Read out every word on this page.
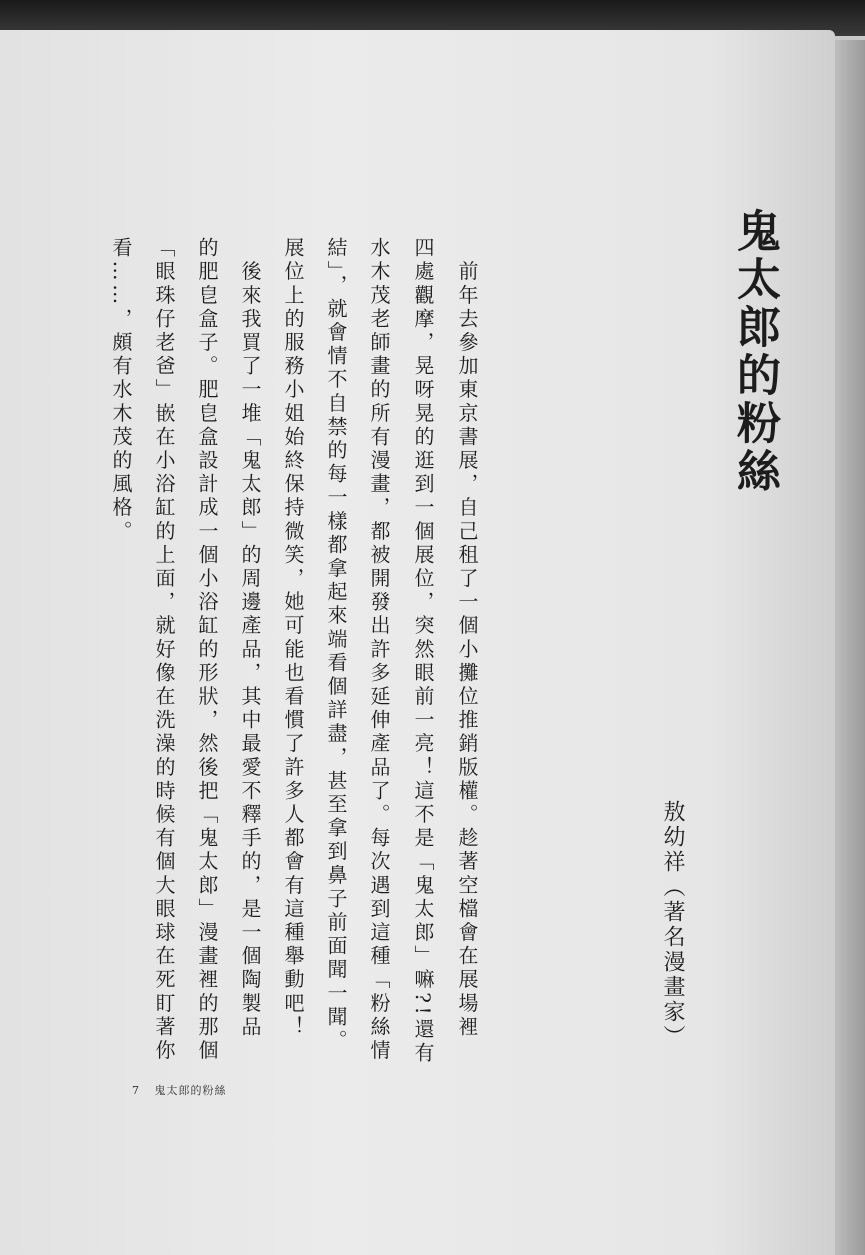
鬼太郎的粉絲
敖幼祥（著名漫畫家）
　前年去參加東京書展，自己租了一個小攤位推銷版權。趁著空檔會在展場裡
四處觀摩，晃呀晃的逛到一個展位，突然眼前一亮！這不是「鬼太郎」嘛?!還有
水木茂老師畫的所有漫畫，都被開發出許多延伸產品了。每次遇到這種「粉絲情
結」，就會情不自禁的每一樣都拿起來端看個詳盡，甚至拿到鼻子前面聞一聞。
展位上的服務小姐始終保持微笑，她可能也看慣了許多人都會有這種舉動吧！
　後來我買了一堆「鬼太郎」的周邊產品，其中最愛不釋手的，是一個陶製品
的肥皀盒子。肥皀盒設計成一個小浴缸的形狀，然後把「鬼太郎」漫畫裡的那個
「眼珠仔老爸」嵌在小浴缸的上面，就好像在洗澡的時候有個大眼球在死盯著你
看……，頗有水木茂的風格。
7 鬼太郎的粉絲
